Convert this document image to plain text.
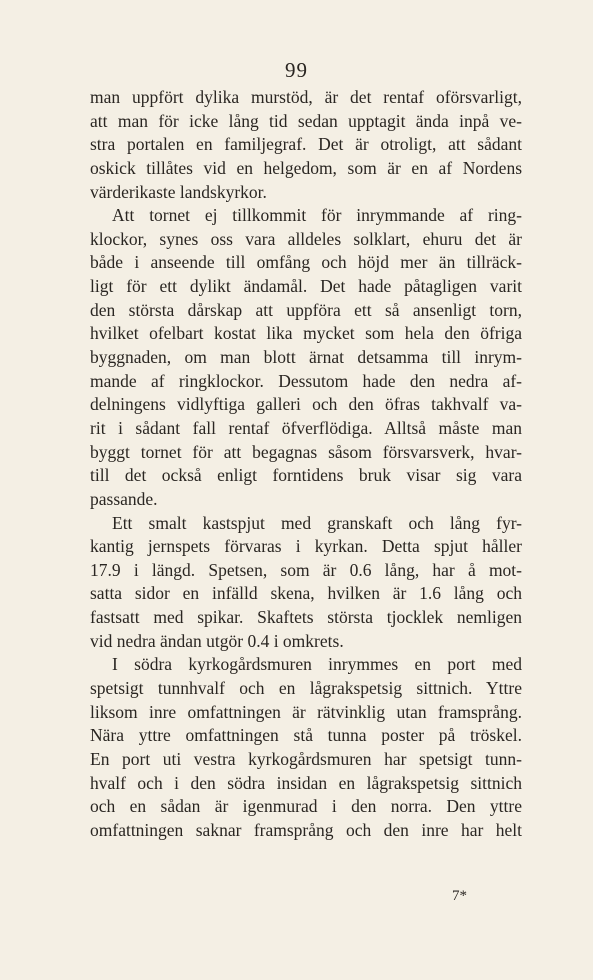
99
man uppfört dylika murstöd, är det rentaf oförsvarligt,
att man för icke lång tid sedan upptagit ända inpå ve-
stra portalen en familjegraf. Det är otroligt, att sådant
oskick tillåtes vid en helgedom, som är en af Nordens
värderikaste landskyrkor.
Att tornet ej tillkommit för inrymmande af ring-
klockor, synes oss vara alldeles solklart, ehuru det är
både i anseende till omfång och höjd mer än tillräck-
ligt för ett dylikt ändamål. Det hade påtagligen varit
den största dårskap att uppföra ett så ansenligt torn,
hvilket ofelbart kostat lika mycket som hela den öfriga
byggnaden, om man blott ärnat detsamma till inrym-
mande af ringklockor. Dessutom hade den nedra af-
delningens vidlyftiga galleri och den öfras takhvalf va-
rit i sådant fall rentaf öfverflödiga. Alltså måste man
byggt tornet för att begagnas såsom försvarsverk, hvar-
till det också enligt forntidens bruk visar sig vara
passande.
Ett smalt kastspjut med granskaft och lång fyr-
kantig jernspets förvaras i kyrkan. Detta spjut håller
17.9 i längd. Spetsen, som är 0.6 lång, har å mot-
satta sidor en infälld skena, hvilken är 1.6 lång och
fastsatt med spikar. Skaftets största tjocklek nemligen
vid nedra ändan utgör 0.4 i omkrets.
I södra kyrkogårdsmuren inrymmes en port med
spetsigt tunnhvalf och en lågrakspetsig sittnich. Yttre
liksom inre omfattningen är rätvinklig utan framsprång.
Nära yttre omfattningen stå tunna poster på tröskel.
En port uti vestra kyrkogårdsmuren har spetsigt tunn-
hvalf och i den södra insidan en lågrakspetsig sittnich
och en sådan är igenmurad i den norra. Den yttre
omfattningen saknar framsprång och den inre har helt
7*
